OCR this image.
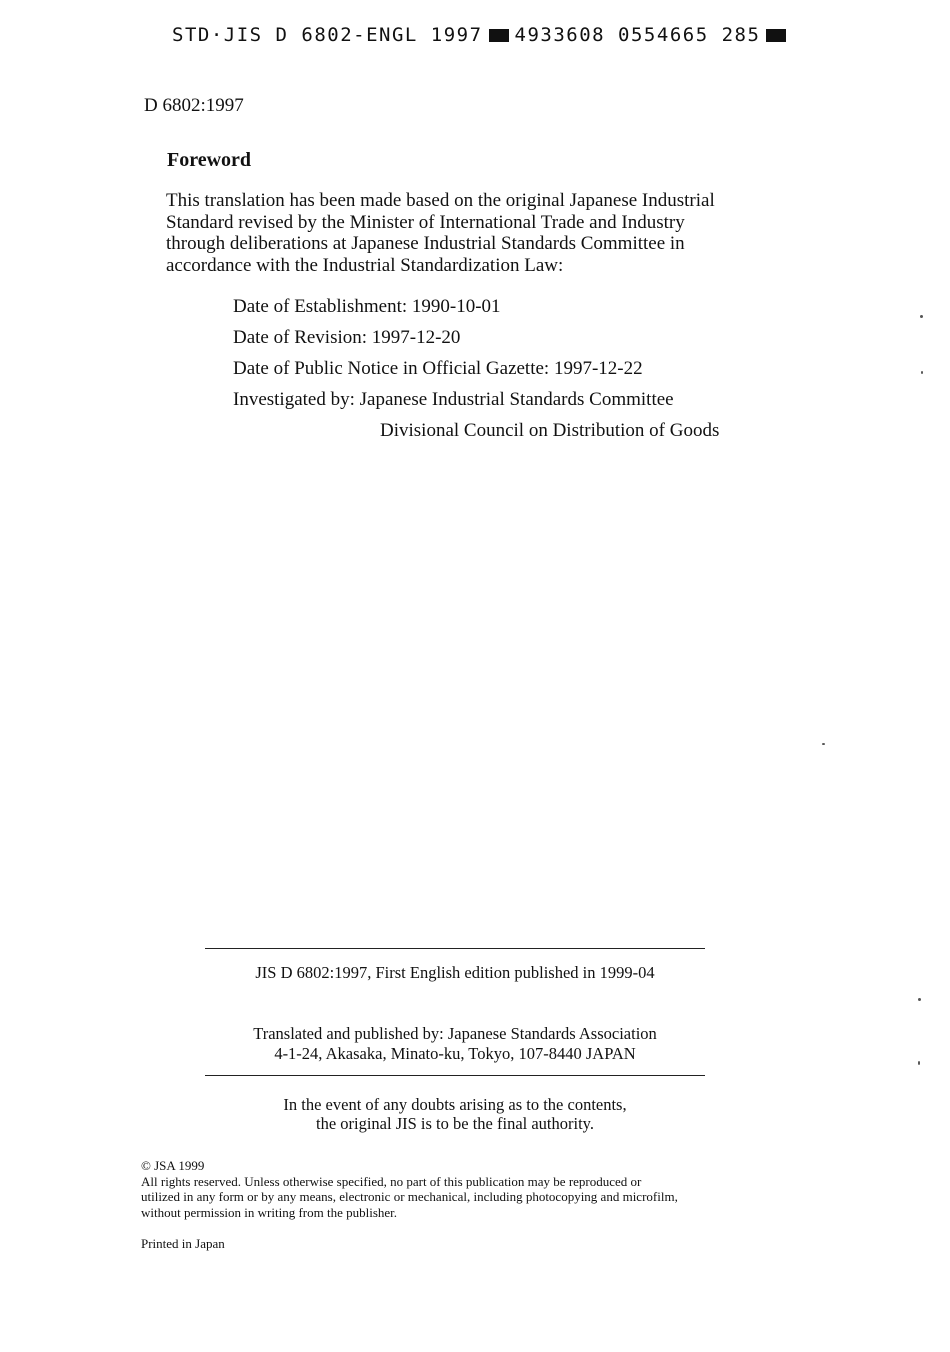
STD·JIS D 6802-ENGL 1997 4933608 0554665 285
D 6802:1997
Foreword
This translation has been made based on the original Japanese Industrial
Standard revised by the Minister of International Trade and Industry
through deliberations at Japanese Industrial Standards Committee in
accordance with the Industrial Standardization Law:
Date of Establishment: 1990-10-01
Date of Revision: 1997-12-20
Date of Public Notice in Official Gazette: 1997-12-22
Investigated by: Japanese Industrial Standards Committee
Divisional Council on Distribution of Goods
JIS D 6802:1997, First English edition published in 1999-04
Translated and published by: Japanese Standards Association
4-1-24, Akasaka, Minato-ku, Tokyo, 107-8440 JAPAN
In the event of any doubts arising as to the contents,
the original JIS is to be the final authority.
© JSA 1999
All rights reserved. Unless otherwise specified, no part of this publication may be reproduced or
utilized in any form or by any means, electronic or mechanical, including photocopying and microfilm,
without permission in writing from the publisher.
Printed in Japan
